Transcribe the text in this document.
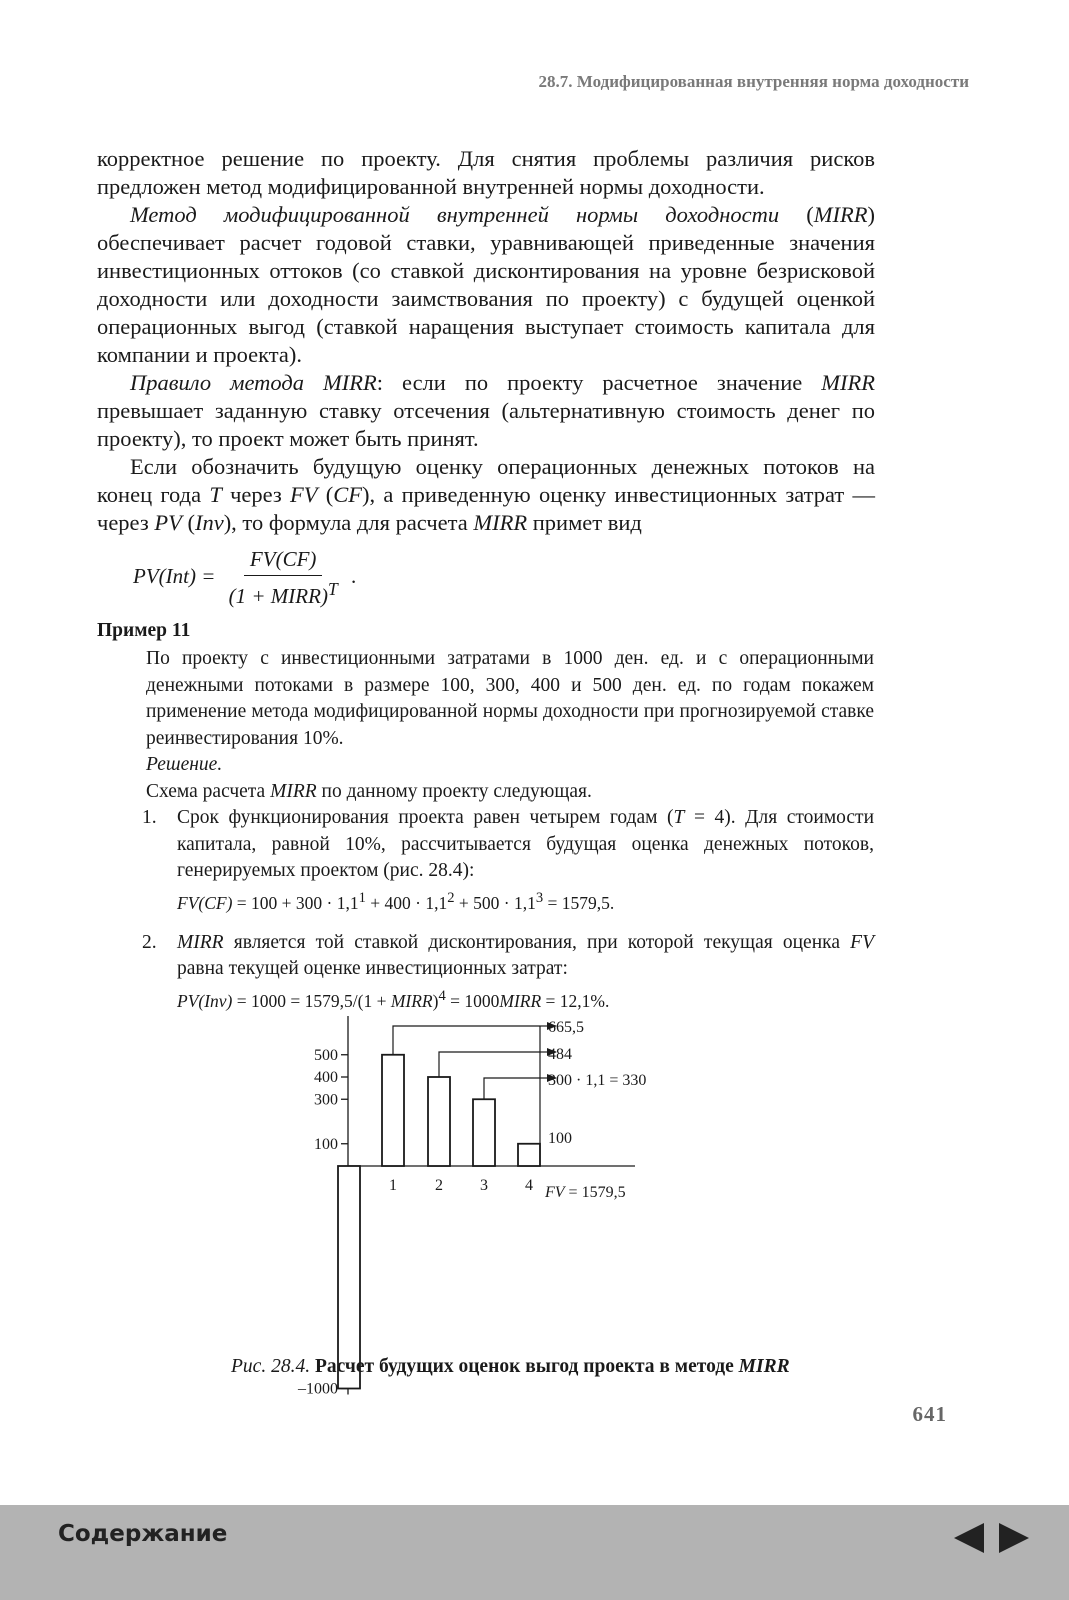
28.7. Модифицированная внутренняя норма доходности

корректное решение по проекту. Для снятия проблемы различия рисков предложен метод модифицированной внутренней нормы доходности.

Метод модифицированной внутренней нормы доходности (MIRR) обеспечивает расчет годовой ставки, уравнивающей приведенные значения инвестиционных оттоков (со ставкой дисконтирования на уровне безрисковой доходности или доходности заимствования по проекту) с будущей оценкой операционных выгод (ставкой наращения выступает стоимость капитала для компании и проекта).

Правило метода MIRR: если по проекту расчетное значение MIRR превышает заданную ставку отсечения (альтернативную стоимость денег по проекту), то проект может быть принят.

Если обозначить будущую оценку операционных денежных потоков на конец года T через FV (CF), а приведенную оценку инвестиционных затрат — через PV (Inv), то формула для расчета MIRR примет вид

$PV(Int) = \frac{FV(CF)}{(1 + MIRR)^T}$ .
Пример 11

По проекту с инвестиционными затратами в 1000 ден. ед. и с операционными денежными потоками в размере 100, 300, 400 и 500 ден. ед. по годам покажем применение метода модифицированной нормы доходности при прогнозируемой ставке реинвестирования 10%.

Решение.

Схема расчета MIRR по данному проекту следующая.

1. Срок функционирования проекта равен четырем годам (T = 4). Для стоимости капитала, равной 10%, рассчитывается будущая оценка денежных потоков, генерируемых проектом (рис. 28.4):

$FV(CF) = 100 + 300 \cdot 1,1^1 + 400 \cdot 1,1^2 + 500 \cdot 1,1^3 = 1579,5$.

2. MIRR является той ставкой дисконтирования, при которой текущая оценка FV равна текущей оценке инвестиционных затрат:

PV(Inv) = 1000 = 1579,5/(1 + MIRR)$^4$ = 1000MIRR = 12,1%.

500
400
300
100
–1000
1 2 3 4
665,5
484
300 · 1,1 = 330
100
FV = 1579,5
Рис. 28.4. Расчет будущих оценок выгод проекта в методе MIRR
641
Содержание
